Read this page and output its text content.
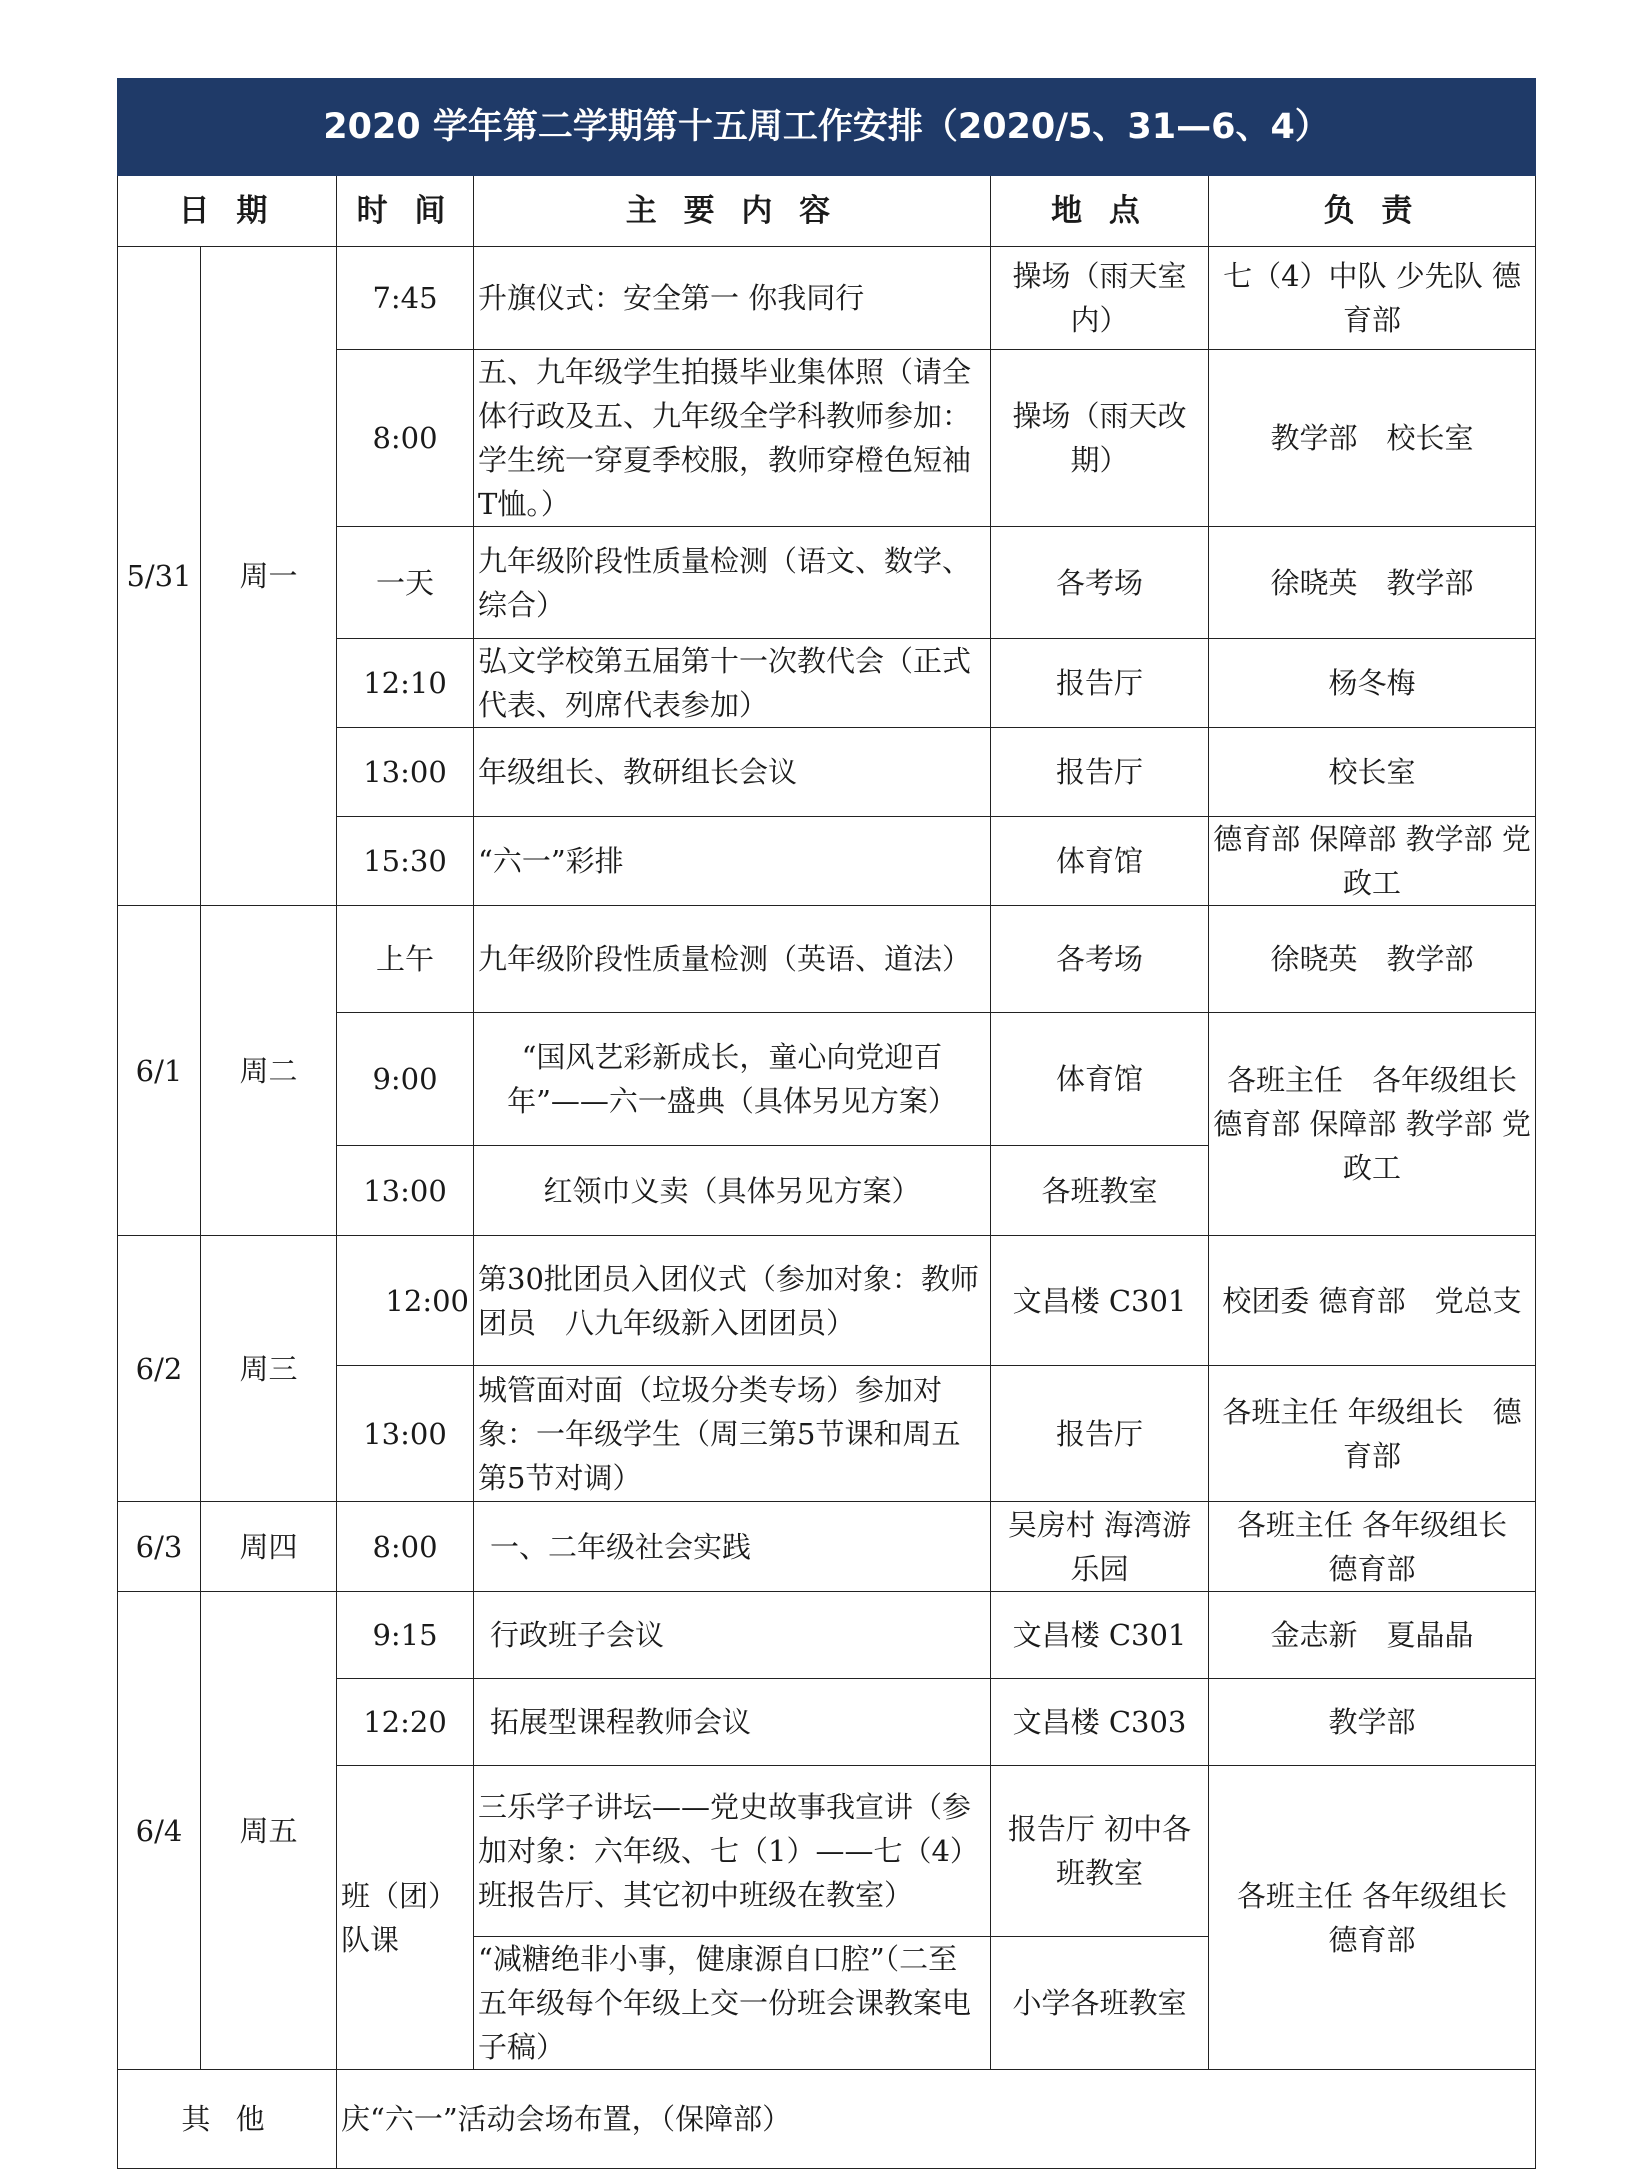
2020 学年第二学期第十五周工作安排（2020/5、31—6、4）					
日 期		时 间	主 要 内 容	地 点	负 责
5/31	周一	7:45	升旗仪式：安全第一 你我同行	操场（雨天室内）	七（4）中队 少先队 德育部
		8:00	五、九年级学生拍摄毕业集体照（请全体行政及五、九年级全学科教师参加：学生统一穿夏季校服，教师穿橙色短袖T恤。）	操场（雨天改期）	教学部　校长室
		一天	九年级阶段性质量检测（语文、数学、综合）	各考场	徐晓英　教学部
		12:10	弘文学校第五届第十一次教代会（正式代表、列席代表参加）	报告厅	杨冬梅
		13:00	年级组长、教研组长会议	报告厅	校长室
		15:30	“六一”彩排	体育馆	德育部 保障部 教学部 党政工
6/1	周二	上午	九年级阶段性质量检测（英语、道法）	各考场	徐晓英　教学部
		9:00	“国风艺彩新成长，童心向党迎百年”——六一盛典（具体另见方案）	体育馆	各班主任　各年级组长 德育部 保障部 教学部 党政工
		13:00	红领巾义卖（具体另见方案）	各班教室	
6/2	周三	12:00	第30批团员入团仪式（参加对象：教师团员　八九年级新入团团员）	文昌楼 C301	校团委 德育部　党总支
		13:00	城管面对面（垃圾分类专场）参加对象：一年级学生（周三第5节课和周五第5节对调）	报告厅	各班主任 年级组长　德育部
6/3	周四	8:00	一、二年级社会实践	吴房村 海湾游乐园	各班主任 各年级组长　德育部
6/4	周五	9:15	行政班子会议	文昌楼 C301	金志新　夏晶晶
		12:20	拓展型课程教师会议	文昌楼 C303	教学部
		班（团）队课	三乐学子讲坛——党史故事我宣讲（参加对象：六年级、七（1）——七（4）班报告厅、其它初中班级在教室）	报告厅 初中各班教室	各班主任 各年级组长　德育部
			“减糖绝非小事，健康源自口腔”（二至五年级每个年级上交一份班会课教案电子稿）	小学各班教室	
其 他		庆“六一”活动会场布置，（保障部）			
